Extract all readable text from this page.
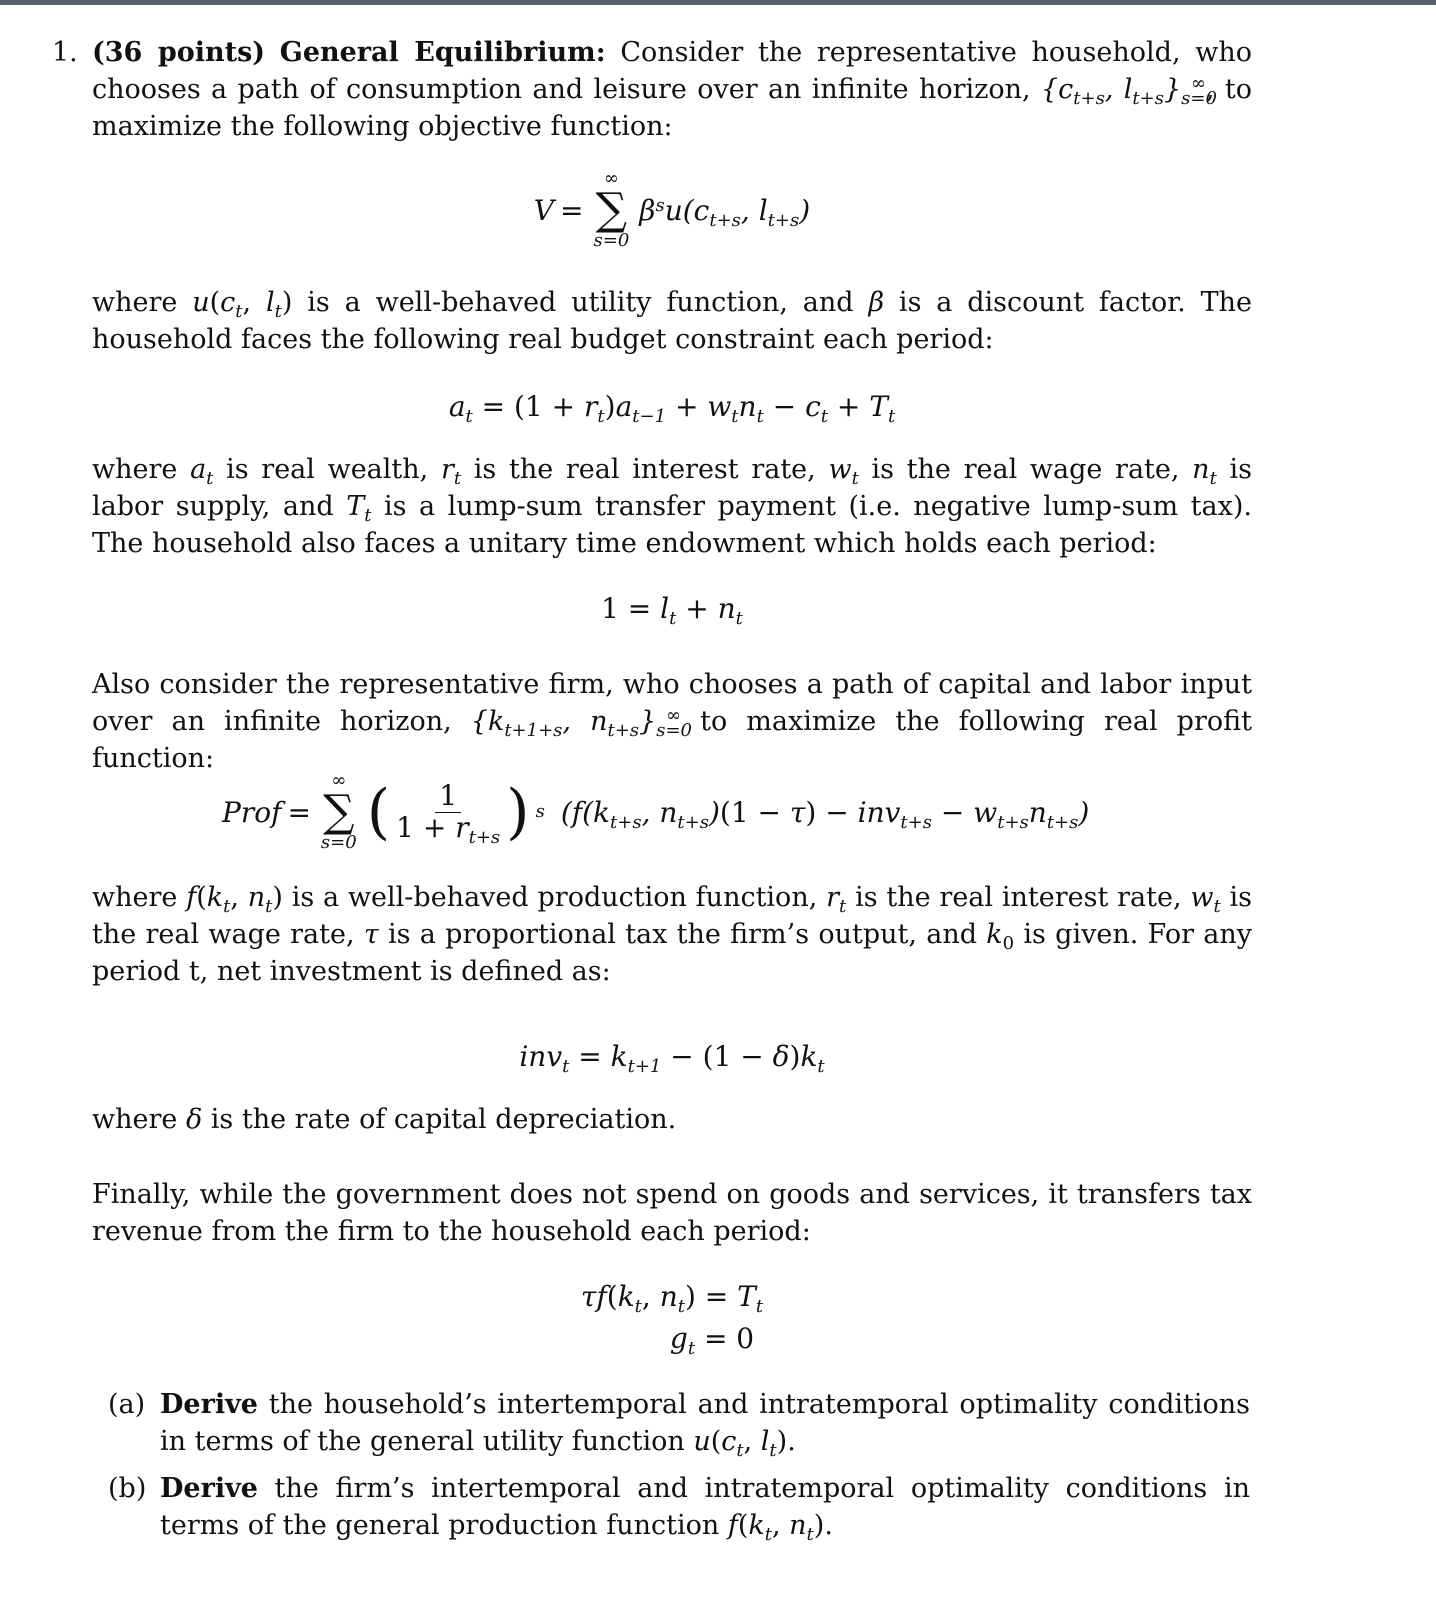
1. (36 points) General Equilibrium: Consider the representative household, who chooses a path of consumption and leisure over an infinite horizon, {$c_{t+s}$, $l_{t+s}\}_{s=0}^\infty$, to maximize the following objective function:
V =
∞
∑
s=0
$\beta^su(c_{t+s}$, $l_{t+s}$)
where $u(c_t$, $l_t$) is a well-behaved utility function, and β is a discount factor. The household faces the following real budget constraint each period:
$a_t = (1 + r_t)a_{t-1} + w_tn_t - c_t + T_t$
where $a_t$ is real wealth, $r_t$ is the real interest rate, $w_t$ is the real wage rate, $n_t$ is labor supply, and $T_t$ is a lump-sum transfer payment (i.e. negative lump-sum tax). The household also faces a unitary time endowment which holds each period:
$1 = l_t + n_t$
Also consider the representative firm, who chooses a path of capital and labor input over an infinite horizon, {$k_{t+1+s}$, $n_{t+s}\}_{s=0}^\infty$ to maximize the following real profit function:
Prof =
∞
∑
s=0 ( $\frac{1}{1 + r_{t+s}}$ ) s ($f(k_{t+s}$, $n_{t+s})(1 - \tau) - inv_{t+s} - w_{t+s}n_{t+s}$)
where $f(k_t$, $n_t$) is a well-behaved production function, $r_t$ is the real interest rate, $w_t$ is the real wage rate, τ is a proportional tax the firm’s output, and $k_0$ is given. For any period t, net investment is defined as:
$inv_t = k_{t+1} - (1 - \delta)k_t$
where δ is the rate of capital depreciation.
Finally, while the government does not spend on goods and services, it transfers tax revenue from the firm to the household each period:
$\tau f(k_t$, $n_t) = T_t$
$g_t = 0$
(a) Derive the household’s intertemporal and intratemporal optimality conditions in terms of the general utility function $u(c_t$, $l_t$).
(b) Derive the firm’s intertemporal and intratemporal optimality conditions in terms of the general production function $f(k_t$, $n_t$).
